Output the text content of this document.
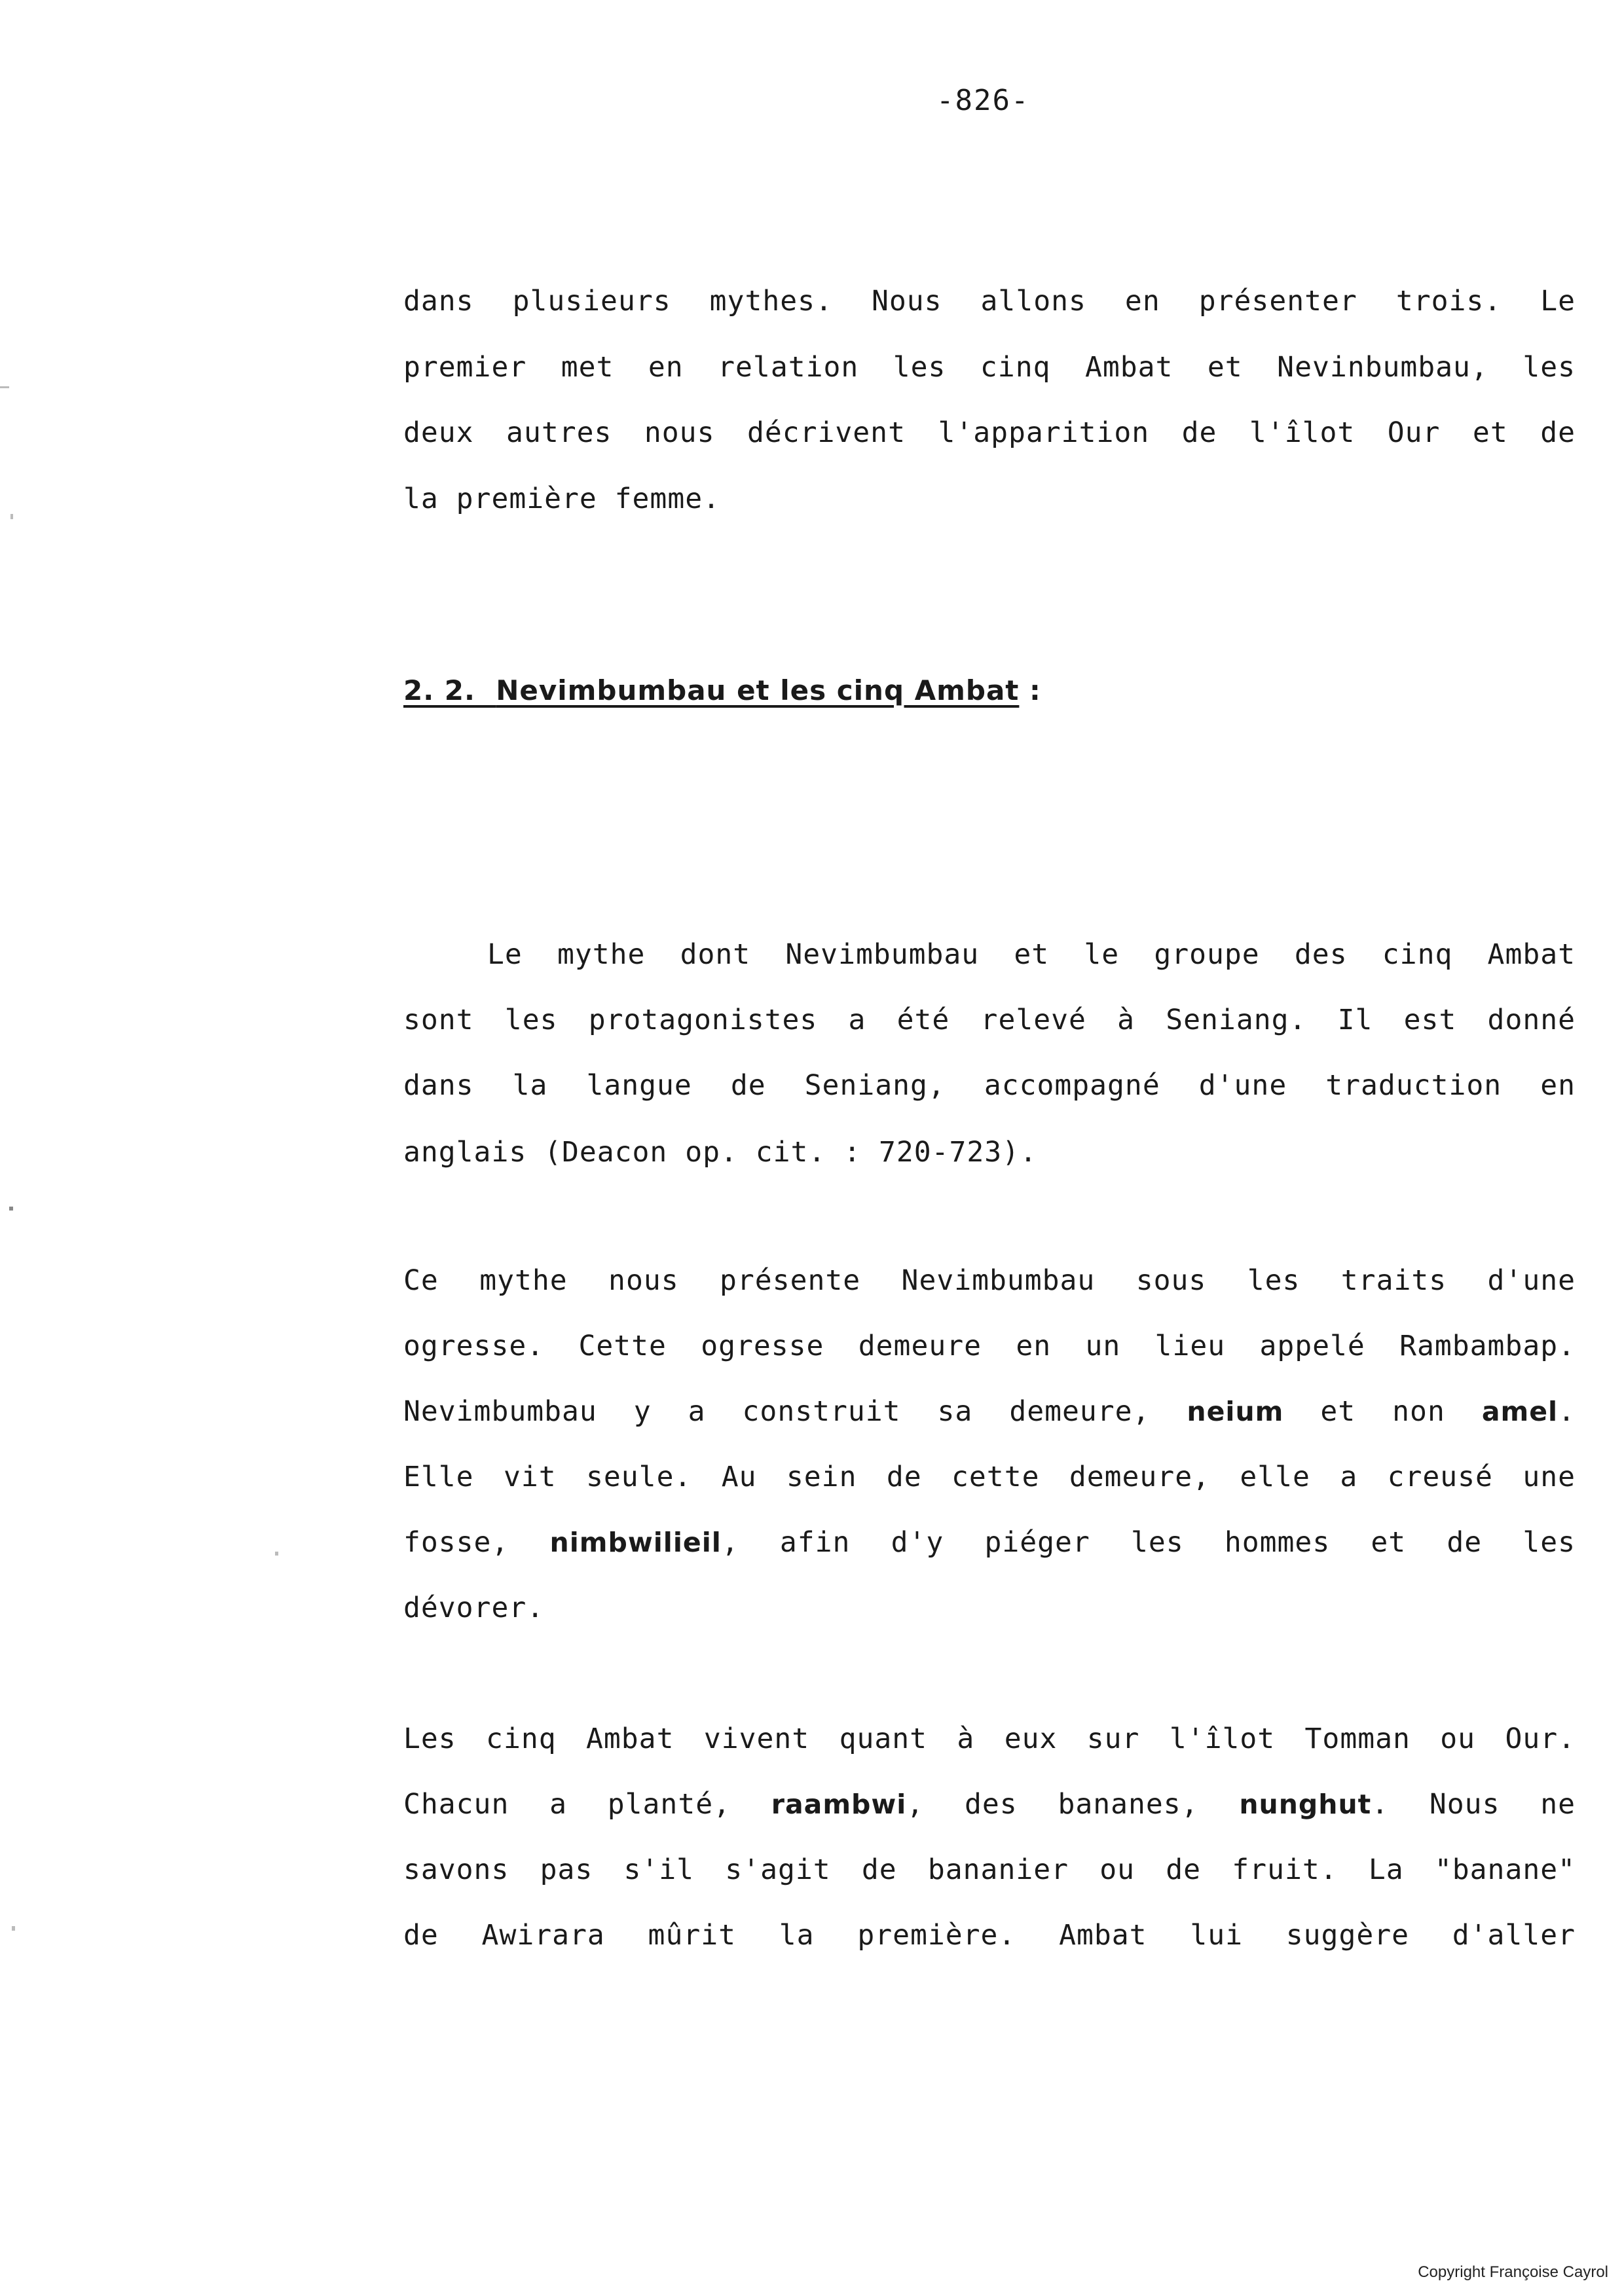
-826-
dans plusieurs mythes. Nous allons en présenter trois. Le
premier met en relation les cinq Ambat et Nevinbumbau, les
deux autres nous décrivent l'apparition de l'îlot Our et de
la première femme.
2. 2. Nevimbumbau et les cinq Ambat :
Le mythe dont Nevimbumbau et le groupe des cinq Ambat
sont les protagonistes a été relevé à Seniang. Il est donné
dans la langue de Seniang, accompagné d'une traduction en
anglais (Deacon op. cit. : 720-723).
Ce mythe nous présente Nevimbumbau sous les traits d'une
ogresse. Cette ogresse demeure en un lieu appelé Rambambap.
Nevimbumbau y a construit sa demeure, neium et non amel.
Elle vit seule. Au sein de cette demeure, elle a creusé une
fosse, nimbwilieil, afin d'y piéger les hommes et de les
dévorer.
Les cinq Ambat vivent quant à eux sur l'îlot Tomman ou Our.
Chacun a planté, raambwi, des bananes, nunghut. Nous ne
savons pas s'il s'agit de bananier ou de fruit. La "banane"
de Awirara mûrit la première. Ambat lui suggère d'aller
Copyright Françoise Cayrol
